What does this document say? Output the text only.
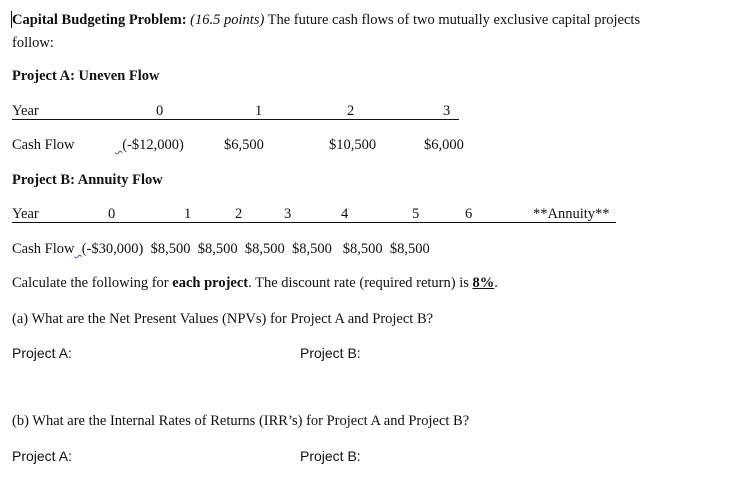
Capital Budgeting Problem: (16.5 points) The future cash flows of two mutually exclusive capital projects
follow:
Project A: Uneven Flow
Year	0	1	2	3
Cash Flow	(-$12,000)	$6,500	$10,500	$6,000
Project B: Annuity Flow
Year	0	1	2	3	4	5	6	**Annuity**
Cash Flow (-$30,000) $8,500 $8,500 $8,500 $8,500 $8,500 $8,500
Calculate the following for each project. The discount rate (required return) is 8%.
(a) What are the Net Present Values (NPVs) for Project A and Project B?
Project A:	Project B:
(b) What are the Internal Rates of Returns (IRR’s) for Project A and Project B?
Project A:	Project B:
